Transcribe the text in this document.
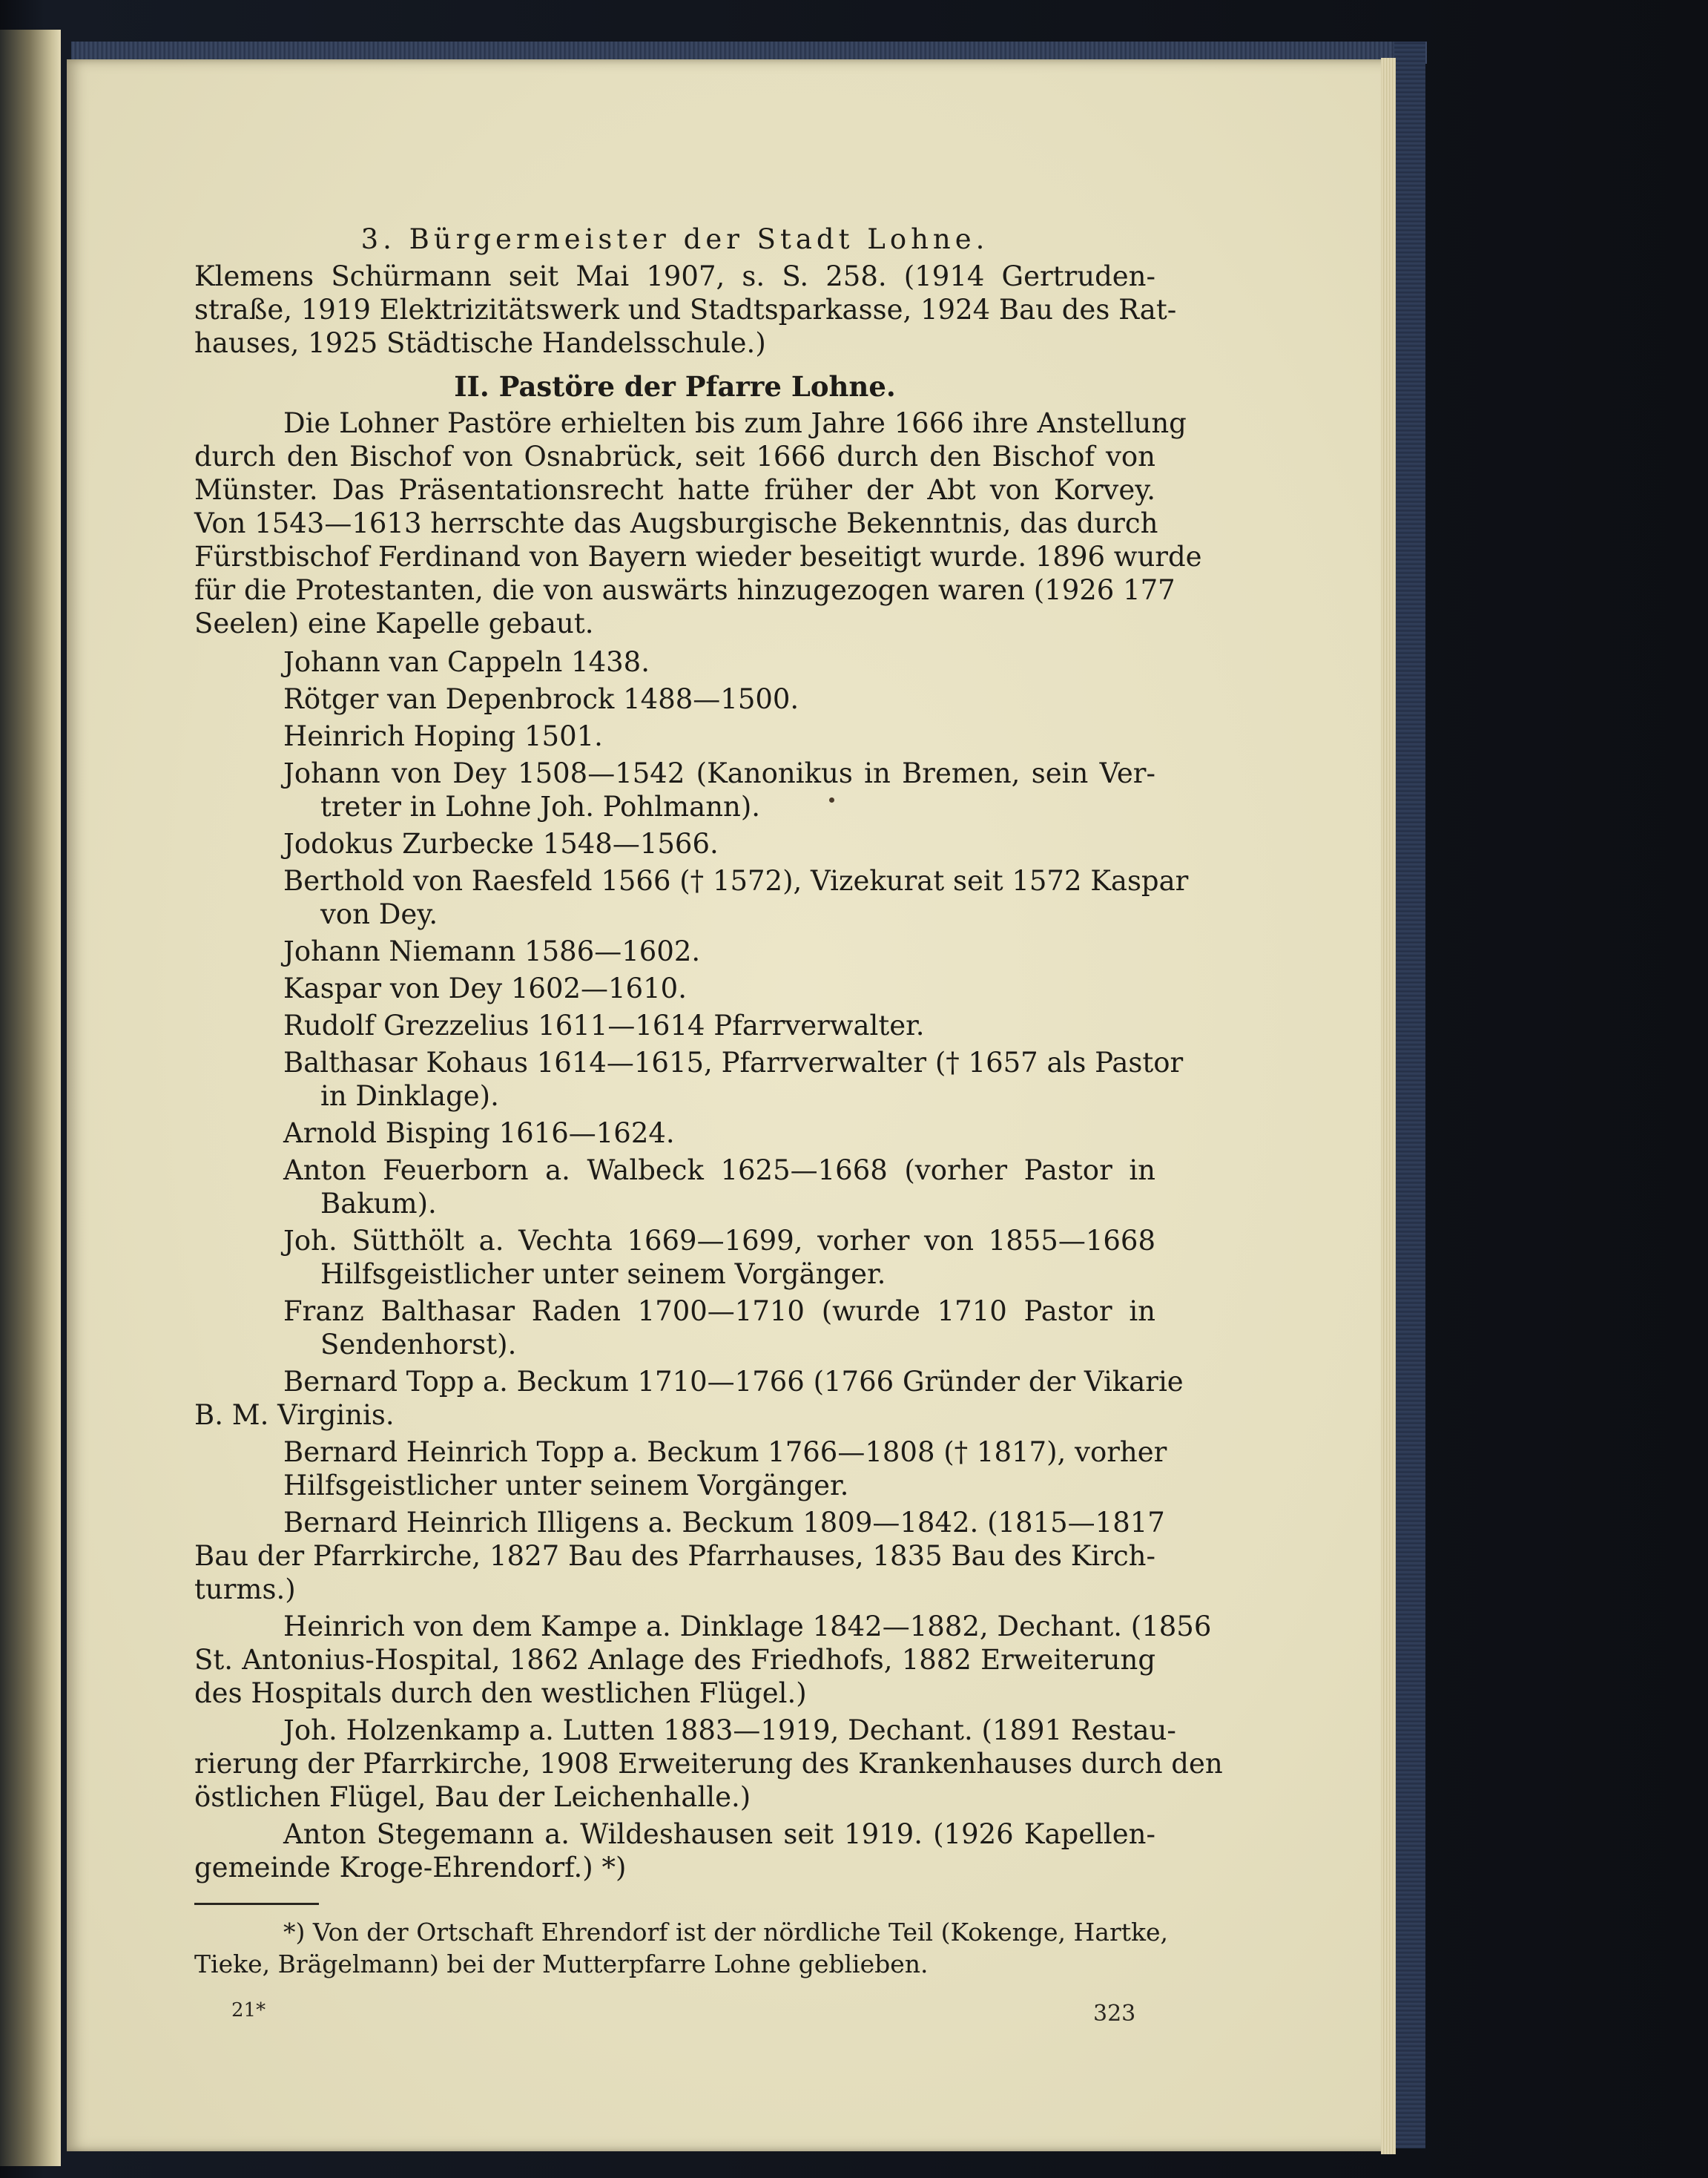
3. Bürgermeister der Stadt Lohne.
Klemens Schürmann seit Mai 1907, s. S. 258. (1914 Gertruden-
straße, 1919 Elektrizitätswerk und Stadtsparkasse, 1924 Bau des Rat-
hauses, 1925 Städtische Handelsschule.)
II. Pastöre der Pfarre Lohne.
Die Lohner Pastöre erhielten bis zum Jahre 1666 ihre Anstellung
durch den Bischof von Osnabrück, seit 1666 durch den Bischof von
Münster. Das Präsentationsrecht hatte früher der Abt von Korvey.
Von 1543—1613 herrschte das Augsburgische Bekenntnis, das durch
Fürstbischof Ferdinand von Bayern wieder beseitigt wurde. 1896 wurde
für die Protestanten, die von auswärts hinzugezogen waren (1926 177
Seelen) eine Kapelle gebaut.
Johann van Cappeln 1438.
Rötger van Depenbrock 1488—1500.
Heinrich Hoping 1501.
Johann von Dey 1508—1542 (Kanonikus in Bremen, sein Ver-
treter in Lohne Joh. Pohlmann).
Jodokus Zurbecke 1548—1566.
Berthold von Raesfeld 1566 († 1572), Vizekurat seit 1572 Kaspar
von Dey.
Johann Niemann 1586—1602.
Kaspar von Dey 1602—1610.
Rudolf Grezzelius 1611—1614 Pfarrverwalter.
Balthasar Kohaus 1614—1615, Pfarrverwalter († 1657 als Pastor
in Dinklage).
Arnold Bisping 1616—1624.
Anton Feuerborn a. Walbeck 1625—1668 (vorher Pastor in
Bakum).
Joh. Sütthölt a. Vechta 1669—1699, vorher von 1855—1668
Hilfsgeistlicher unter seinem Vorgänger.
Franz Balthasar Raden 1700—1710 (wurde 1710 Pastor in
Sendenhorst).
Bernard Topp a. Beckum 1710—1766 (1766 Gründer der Vikarie
B. M. Virginis.
Bernard Heinrich Topp a. Beckum 1766—1808 († 1817), vorher
Hilfsgeistlicher unter seinem Vorgänger.
Bernard Heinrich Illigens a. Beckum 1809—1842. (1815—1817
Bau der Pfarrkirche, 1827 Bau des Pfarrhauses, 1835 Bau des Kirch-
turms.)
Heinrich von dem Kampe a. Dinklage 1842—1882, Dechant. (1856
St. Antonius-Hospital, 1862 Anlage des Friedhofs, 1882 Erweiterung
des Hospitals durch den westlichen Flügel.)
Joh. Holzenkamp a. Lutten 1883—1919, Dechant. (1891 Restau-
rierung der Pfarrkirche, 1908 Erweiterung des Krankenhauses durch den
östlichen Flügel, Bau der Leichenhalle.)
Anton Stegemann a. Wildeshausen seit 1919. (1926 Kapellen-
gemeinde Kroge-Ehrendorf.) *)
*) Von der Ortschaft Ehrendorf ist der nördliche Teil (Kokenge, Hartke,
Tieke, Brägelmann) bei der Mutterpfarre Lohne geblieben.
21*	323
